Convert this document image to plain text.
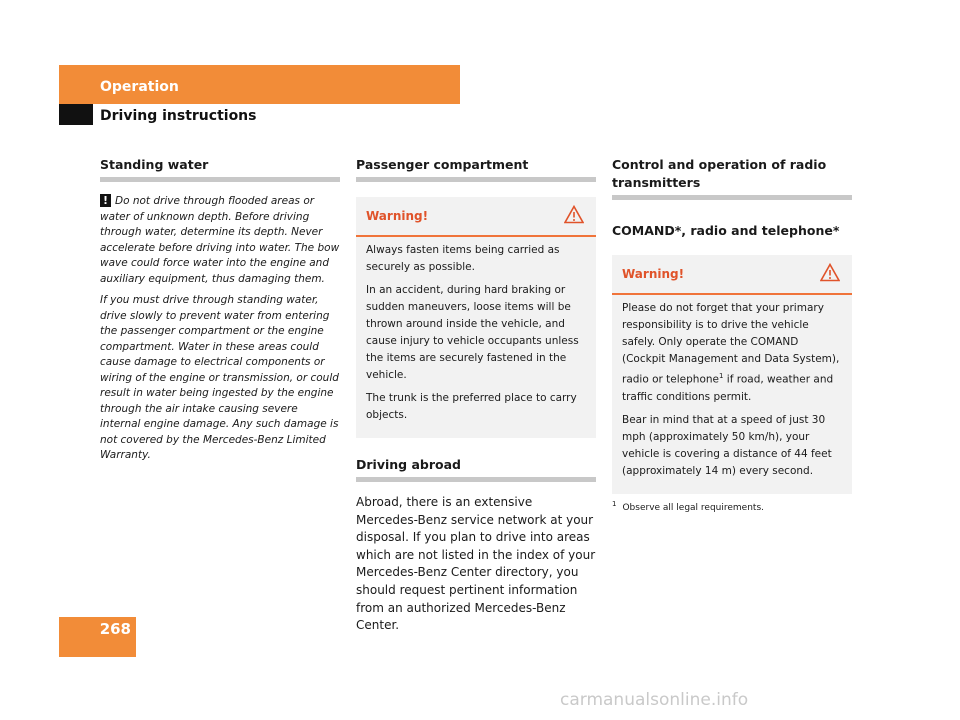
Operation
Driving instructions
Standing water

! Do not drive through flooded areas or water of unknown depth. Before driving through water, determine its depth. Never accelerate before driving into water. The bow wave could force water into the engine and auxiliary equipment, thus damaging them.

If you must drive through standing water, drive slowly to prevent water from entering the passenger compartment or the engine compartment. Water in these areas could cause damage to electrical components or wiring of the engine or transmission, or could result in water being ingested by the engine through the air intake causing severe internal engine damage. Any such damage is not covered by the Mercedes-Benz Limited Warranty.

Passenger compartment
Warning!

Always fasten items being carried as securely as possible.

In an accident, during hard braking or sudden maneuvers, loose items will be thrown around inside the vehicle, and cause injury to vehicle occupants unless the items are securely fastened in the vehicle.

The trunk is the preferred place to carry objects.

Driving abroad
Abroad, there is an extensive Mercedes-Benz service network at your disposal. If you plan to drive into areas which are not listed in the index of your Mercedes-Benz Center directory, you should request pertinent information from an authorized Mercedes-Benz Center.
Control and operation of radio transmitters
COMAND*, radio and telephone*
Warning!

Please do not forget that your primary responsibility is to drive the vehicle safely. Only operate the COMAND (Cockpit Management and Data System), radio or telephone$^1$ if road, weather and traffic conditions permit.

Bear in mind that at a speed of just 30 mph (approximately 50 km/h), your vehicle is covering a distance of 44 feet (approximately 14 m) every second.

$^1$ Observe all legal requirements.
268
carmanualsonline.info
